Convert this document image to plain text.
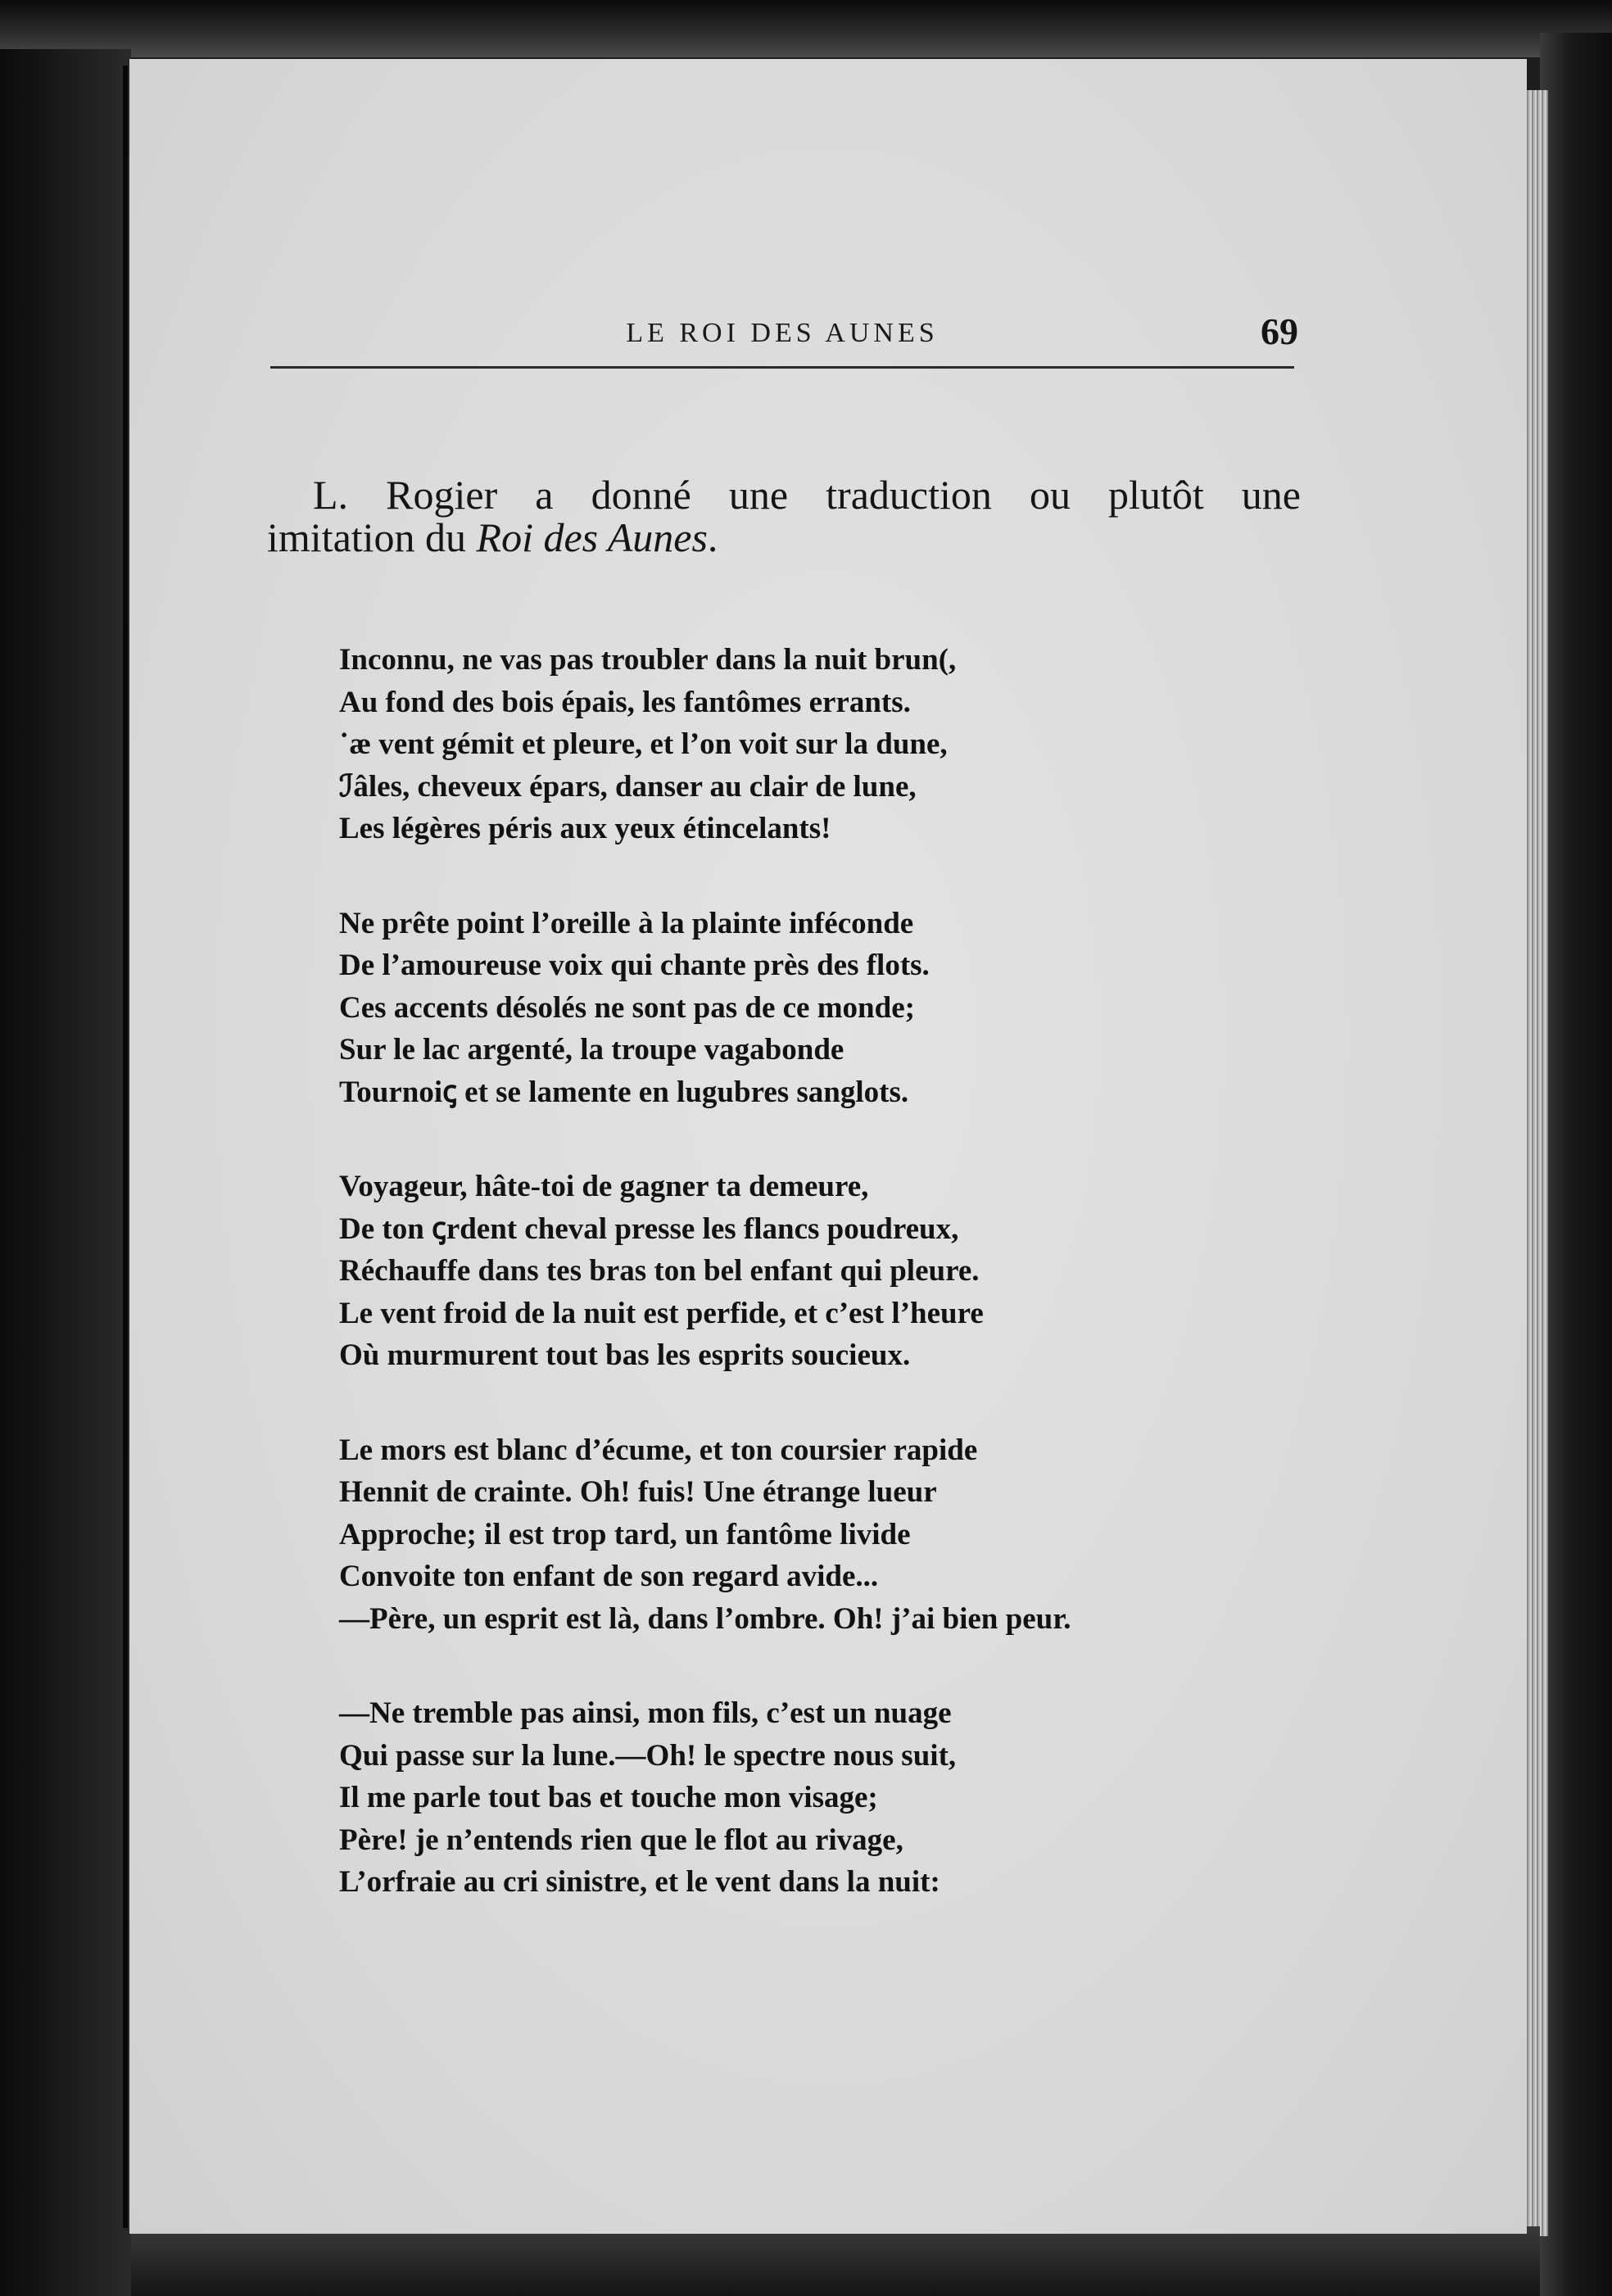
LE ROI DES AUNES	69
L. Rogier a donné une traduction ou plutôt une
imitation du Roi des Aunes.
Inconnu, ne vas pas troubler dans la nuit brun(,
Au fond des bois épais, les fantômes errants.
˙æ vent gémit et pleure, et l’on voit sur la dune,
ℐâles, cheveux épars, danser au clair de lune,
Les légères péris aux yeux étincelants!
Ne prête point l’oreille à la plainte inféconde
De l’amoureuse voix qui chante près des flots.
Ces accents désolés ne sont pas de ce monde;
Sur le lac argenté, la troupe vagabonde
Tournoi⁠ꞔ et se lamente en lugubres sanglots.
Voyageur, hâte-toi de gagner ta demeure,
De ton ꞔrdent cheval presse les flancs poudreux,
Réchauffe dans tes bras ton bel enfant qui pleure.
Le vent froid de la nuit est perfide, et c’est l’heure
Où murmurent tout bas les esprits soucieux.
Le mors est blanc d’écume, et ton coursier rapide
Hennit de crainte. Oh! fuis! Une étrange lueur
Approche; il est trop tard, un fantôme livide
Convoite ton enfant de son regard avide...
—Père, un esprit est là, dans l’ombre. Oh! j’ai bien peur.
—Ne tremble pas ainsi, mon fils, c’est un nuage
Qui passe sur la lune.—Oh! le spectre nous suit,
Il me parle tout bas et touche mon visage;
Père! je n’entends rien que le flot au rivage,
L’orfraie au cri sinistre, et le vent dans la nuit:
